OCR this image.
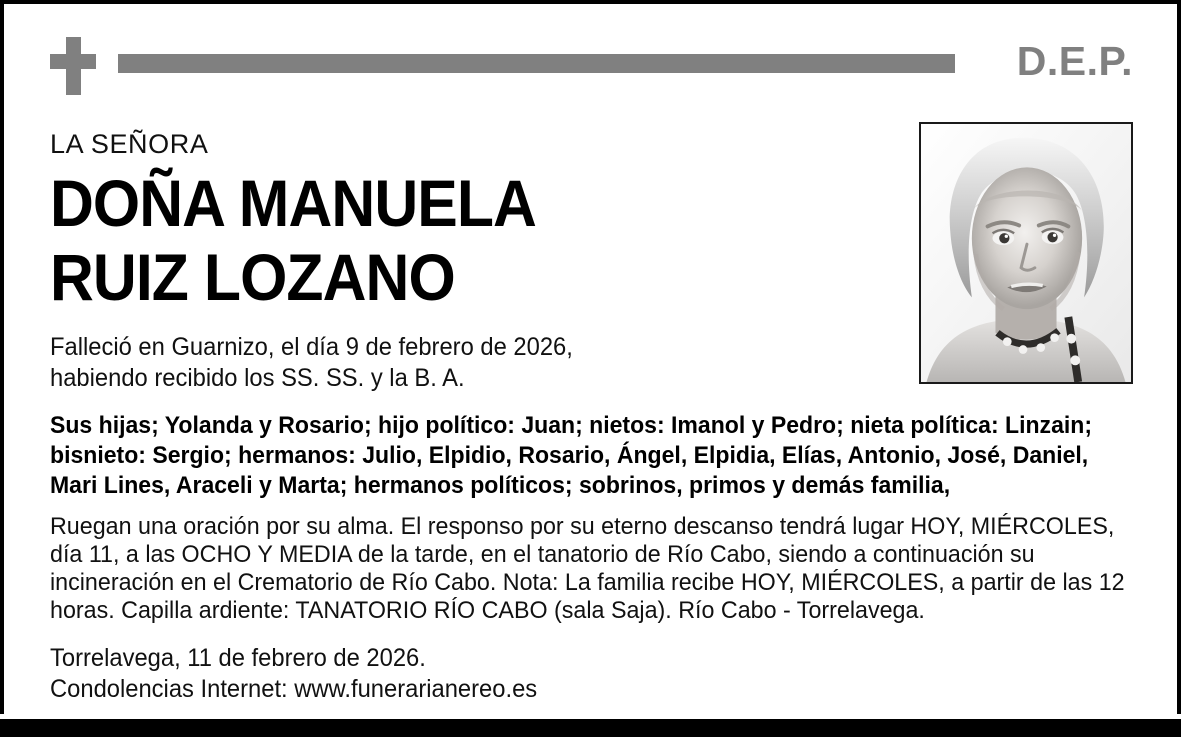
D.E.P.

LA SEÑORA

DOÑA MANUELA
RUIZ LOZANO
Falleció en Guarnizo, el día 9 de febrero de 2026,
habiendo recibido los SS. SS. y la B. A.

Sus hijas; Yolanda y Rosario; hijo político: Juan; nietos: Imanol y Pedro; nieta política: Linzain; bisnieto: Sergio; hermanos: Julio, Elpidio, Rosario, Ángel, Elpidia, Elías, Antonio, José, Daniel, Mari Lines, Araceli y Marta; hermanos políticos; sobrinos, primos y demás familia,

Ruegan una oración por su alma. El responso por su eterno descanso tendrá lugar HOY, MIÉRCOLES, día 11, a las OCHO Y MEDIA de la tarde, en el tanatorio de Río Cabo, siendo a continuación su incineración en el Crematorio de Río Cabo. Nota: La familia recibe HOY, MIÉRCOLES, a partir de las 12 horas. Capilla ardiente: TANATORIO RÍO CABO (sala Saja). Río Cabo - Torrelavega.

Torrelavega, 11 de febrero de 2026.
Condolencias Internet: www.funerarianereo.es
